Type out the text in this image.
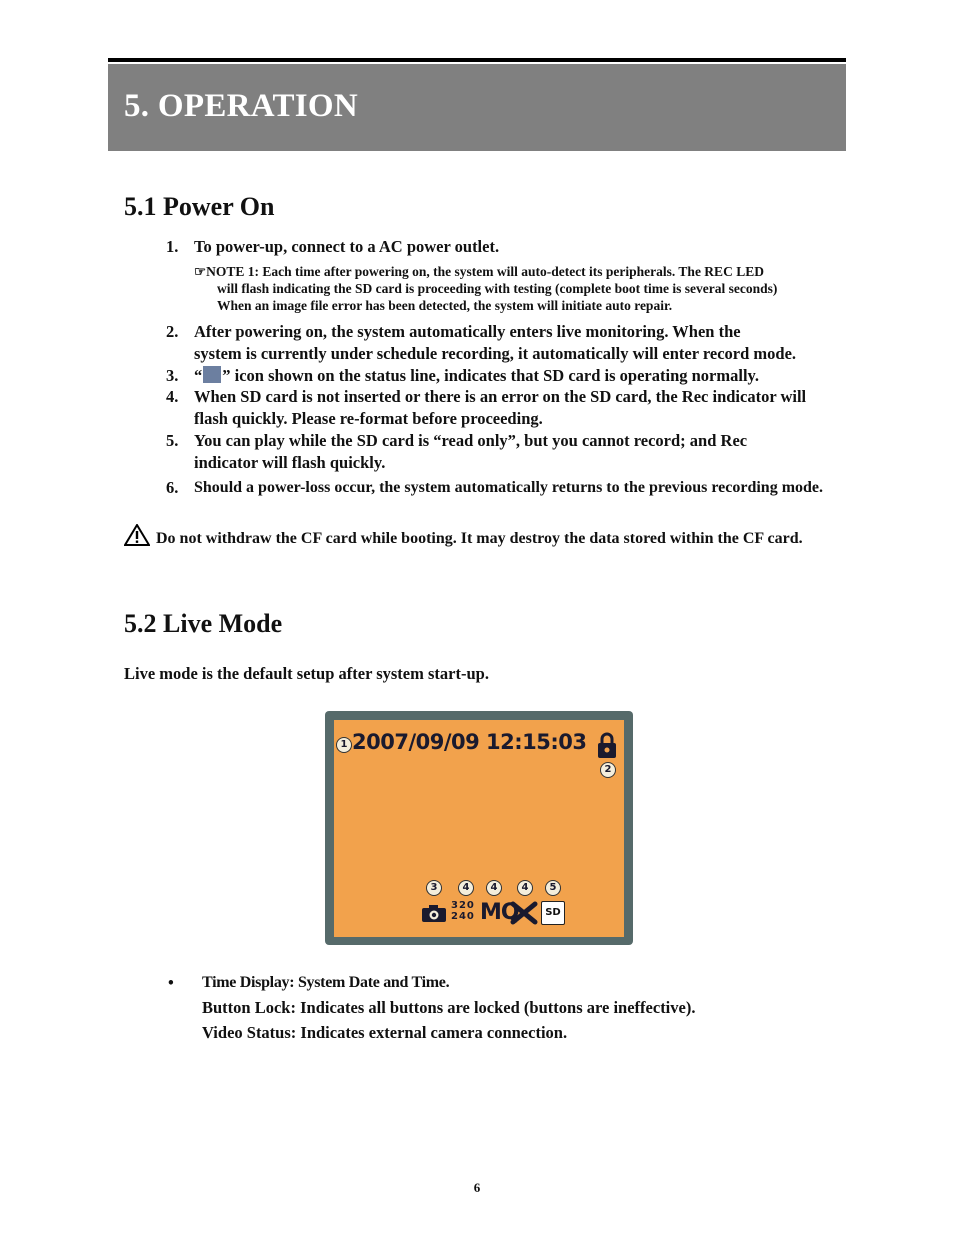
5. OPERATION
5.1 Power On
1. To power-up, connect to a AC power outlet.
☞NOTE 1: Each time after powering on, the system will auto-detect its peripherals. The REC LED
will flash indicating the SD card is proceeding with testing (complete boot time is several seconds)
When an image file error has been detected, the system will initiate auto repair.
2. After powering on, the system automatically enters live monitoring. When the
system is currently under schedule recording, it automatically will enter record mode.
3. “ ” icon shown on the status line, indicates that SD card is operating normally.
4. When SD card is not inserted or there is an error on the SD card, the Rec indicator will
flash quickly. Please re-format before proceeding.
5. You can play while the SD card is “read only”, but you cannot record; and Rec
indicator will flash quickly.
6. Should a power-loss occur, the system automatically returns to the previous recording mode.
Do not withdraw the CF card while booting. It may destroy the data stored within the CF card.
5.2 Live Mode
Live mode is the default setup after system start-up.
1 2007/09/09 12:15:03
2
3	4	4	4	5
320
240 MQ	SD
• Time Display: System Date and Time.
Button Lock: Indicates all buttons are locked (buttons are ineffective).
Video Status: Indicates external camera connection.
6
